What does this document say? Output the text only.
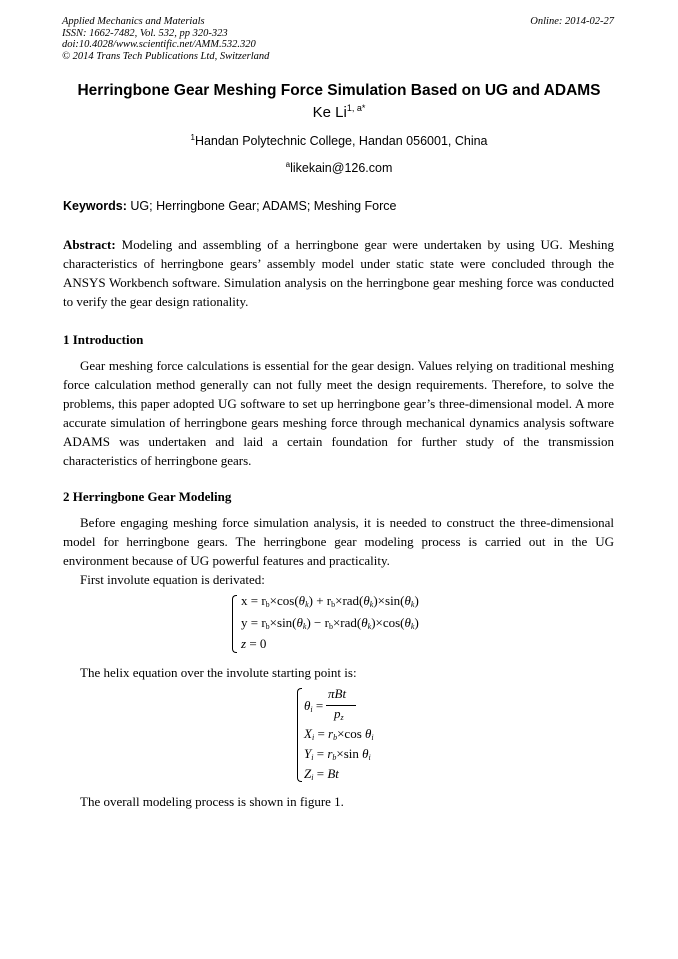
Applied Mechanics and Materials
ISSN: 1662-7482, Vol. 532, pp 320-323
doi:10.4028/www.scientific.net/AMM.532.320
© 2014 Trans Tech Publications Ltd, Switzerland
Online: 2014-02-27
Herringbone Gear Meshing Force Simulation Based on UG and ADAMS
Ke $Li^{1, a*}$
$^1$Handan Polytechnic College, Handan 056001, China
$^a$likekain@126.com
Keywords: UG; Herringbone Gear; ADAMS; Meshing Force
Abstract: Modeling and assembling of a herringbone gear were undertaken by using UG. Meshing characteristics of herringbone gears’ assembly model under static state were concluded through the ANSYS Workbench software. Simulation analysis on the herringbone gear meshing force was conducted to verify the gear design rationality.
1 Introduction
Gear meshing force calculations is essential for the gear design. Values relying on traditional meshing force calculation method generally can not fully meet the design requirements. Therefore, to solve the problems, this paper adopted UG software to set up herringbone gear’s three-dimensional model. A more accurate simulation of herringbone gears meshing force through mechanical dynamics analysis software ADAMS was undertaken and laid a certain foundation for further study of the transmission characteristics of herringbone gears.
2 Herringbone Gear Modeling
Before engaging meshing force simulation analysis, it is needed to construct the three-dimensional model for herringbone gears. The herringbone gear modeling process is carried out in the UG environment because of UG powerful features and practicality.
First involute equation is derivated:
$x = r_b\times\cos(\theta k) + r_b\times rad(\theta k)\times\sin(\theta k)$
$y = r_b\times\sin(\theta k) - r_b\times rad(\theta k)\times\cos(\theta k)$
z = 0
The helix equation over the involute starting point is:
θi =
πBt
pz
Xi = rb×cos θi
Yi = rb×sin θi
Zi = Bt
The overall modeling process is shown in figure 1.
